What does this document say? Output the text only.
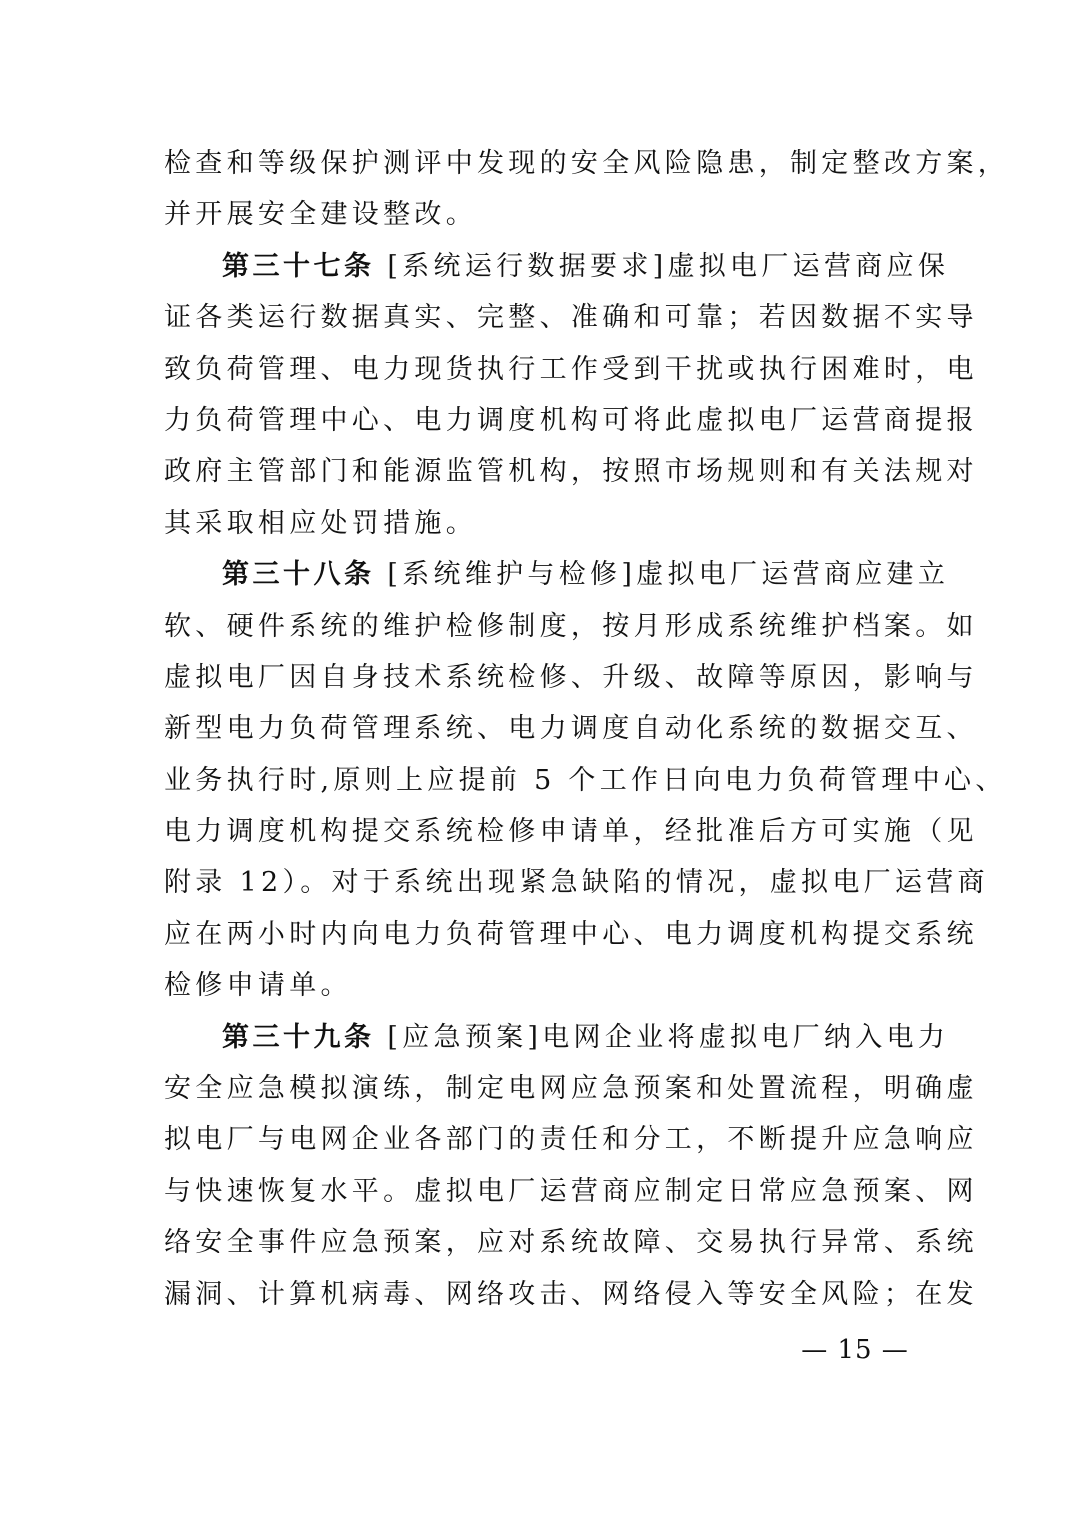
检查和等级保护测评中发现的安全风险隐患，制定整改方案，
并开展安全建设整改。
第三十七条 [系统运行数据要求]虚拟电厂运营商应保
证各类运行数据真实、完整、准确和可靠；若因数据不实导
致负荷管理、电力现货执行工作受到干扰或执行困难时，电
力负荷管理中心、电力调度机构可将此虚拟电厂运营商提报
政府主管部门和能源监管机构，按照市场规则和有关法规对
其采取相应处罚措施。
第三十八条 [系统维护与检修]虚拟电厂运营商应建立
软、硬件系统的维护检修制度，按月形成系统维护档案。如
虚拟电厂因自身技术系统检修、升级、故障等原因，影响与
新型电力负荷管理系统、电力调度自动化系统的数据交互、
业务执行时,原则上应提前 5 个工作日向电力负荷管理中心、
电力调度机构提交系统检修申请单，经批准后方可实施（见
附录 12）。对于系统出现紧急缺陷的情况，虚拟电厂运营商
应在两小时内向电力负荷管理中心、电力调度机构提交系统
检修申请单。
第三十九条 [应急预案]电网企业将虚拟电厂纳入电力
安全应急模拟演练，制定电网应急预案和处置流程，明确虚
拟电厂与电网企业各部门的责任和分工，不断提升应急响应
与快速恢复水平。虚拟电厂运营商应制定日常应急预案、网
络安全事件应急预案，应对系统故障、交易执行异常、系统
漏洞、计算机病毒、网络攻击、网络侵入等安全风险；在发
— 15 —
